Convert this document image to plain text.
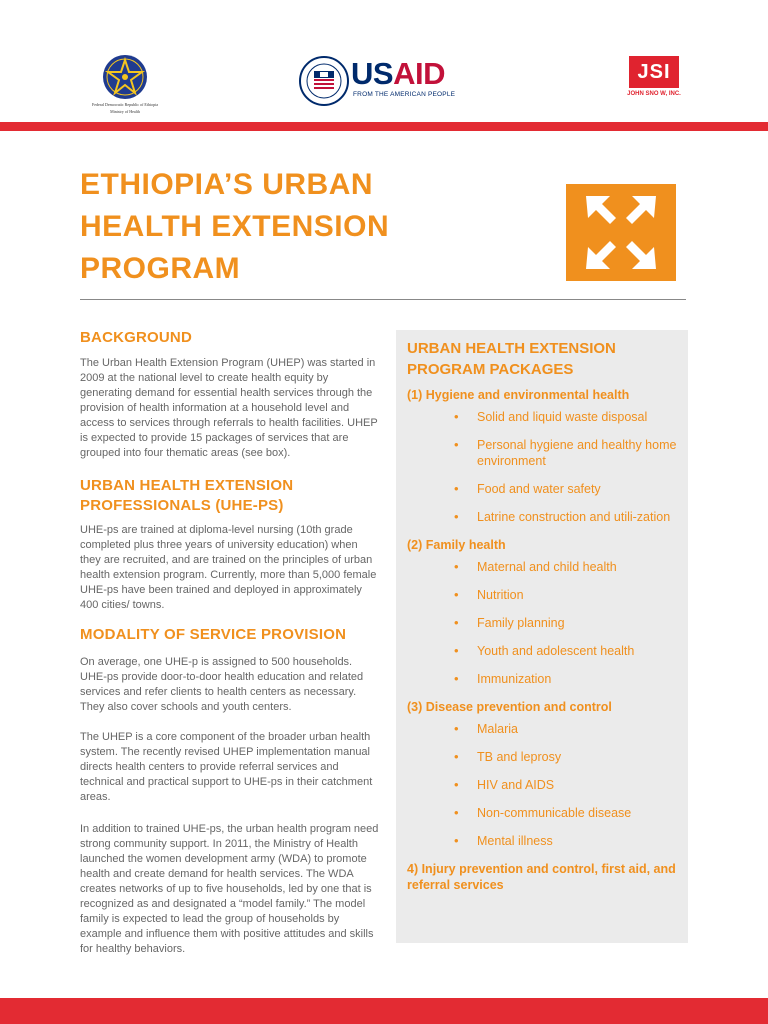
Federal Democratic Republic of Ethiopia
Ministry of Health
USAID
FROM THE AMERICAN PEOPLE
JSI
JOHN SNO W, INC.
ETHIOPIA’S URBAN HEALTH EXTENSION PROGRAM
BACKGROUND

The Urban Health Extension Program (UHEP) was started in 2009 at the national level to create health equity by generating demand for essential health services through the provision of health information at a household level and access to services through referrals to health facilities. UHEP is expected to provide 15 packages of services that are grouped into four thematic areas (see box).

URBAN HEALTH EXTENSION PROFESSIONALS (UHE-PS)

UHE-ps are trained at diploma-level nursing (10th grade completed plus three years of university education) when they are recruited, and are trained on the principles of urban health extension program. Currently, more than 5,000 female UHE-ps have been trained and deployed in approximately 400 cities/ towns.

MODALITY OF SERVICE PROVISION

On average, one UHE-p is assigned to 500 households. UHE-ps provide door-to-door health education and related services and refer clients to health centers as necessary. They also cover schools and youth centers.

The UHEP is a core component of the broader urban health system. The recently revised UHEP implementation manual directs health centers to provide referral services and technical and practical support to UHE-ps in their catchment areas.

In addition to trained UHE-ps, the urban health program need strong community support. In 2011, the Ministry of Health launched the women development army (WDA) to promote health and create demand for health services. The WDA creates networks of up to five households, led by one that is recognized as and designated a “model family.” The model family is expected to lead the group of households by example and influence them with positive attitudes and skills for healthy behaviors.

URBAN HEALTH EXTENSION PROGRAM PACKAGES
(1) Hygiene and environmental health
• Solid and liquid waste disposal
• Personal hygiene and healthy home environment
• Food and water safety
• Latrine construction and utili-zation
(2) Family health
• Maternal and child health
• Nutrition
• Family planning
• Youth and adolescent health
• Immunization
(3) Disease prevention and control
• Malaria
• TB and leprosy
• HIV and AIDS
• Non-communicable disease
• Mental illness
4) Injury prevention and control, first aid, and referral services
